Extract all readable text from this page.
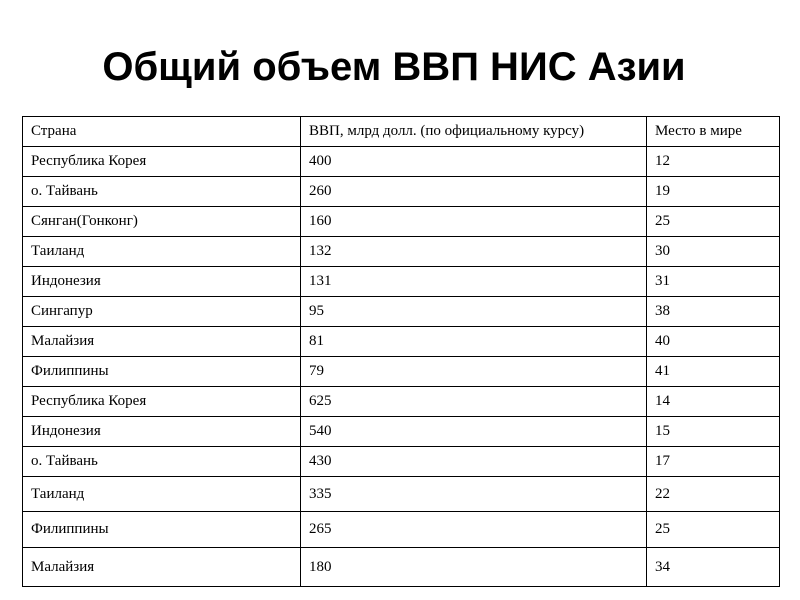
Общий объем ВВП НИС Азии
Страна	ВВП, млрд долл. (по официальному курсу)	Место в мире
Республика Корея	400	12
о. Тайвань	260	19
Сянган(Гонконг)	160	25
Таиланд	132	30
Индонезия	131	31
Сингапур	95	38
Малайзия	81	40
Филиппины	79	41
Республика Корея	625	14
Индонезия	540	15
о. Тайвань	430	17
Таиланд	335	22
Филиппины	265	25
Малайзия	180	34
